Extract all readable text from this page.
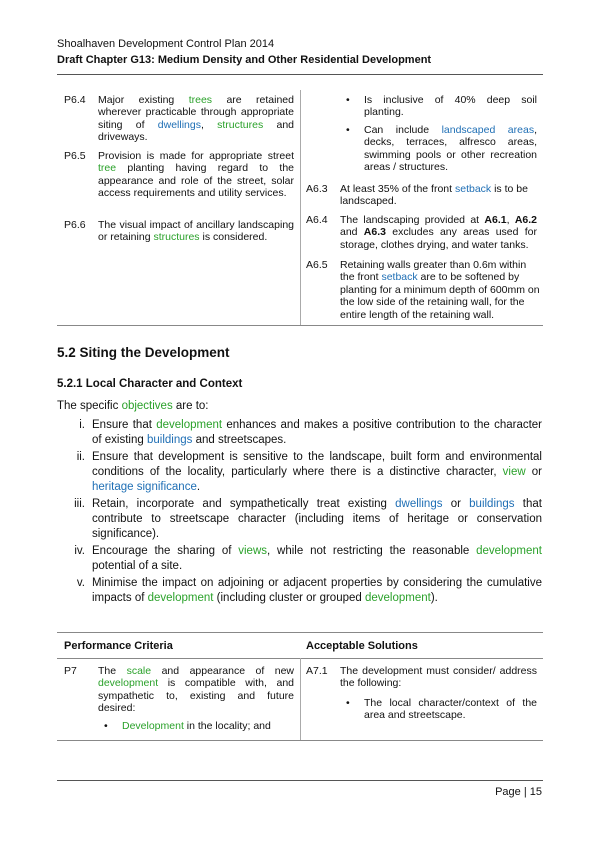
Shoalhaven Development Control Plan 2014
Draft Chapter G13: Medium Density and Other Residential Development
P6.4 Major existing trees are retained wherever practicable through appropriate siting of dwellings, structures and driveways.
P6.5 Provision is made for appropriate street tree planting having regard to the appearance and role of the street, solar access requirements and utility services.
P6.6 The visual impact of ancillary landscaping or retaining structures is considered.
• Is inclusive of 40% deep soil planting.
• Can include landscaped areas, decks, terraces, alfresco areas, swimming pools or other recreation areas / structures.
A6.3 At least 35% of the front setback is to be landscaped.
A6.4 The landscaping provided at A6.1, A6.2 and A6.3 excludes any areas used for storage, clothes drying, and water tanks.
A6.5 Retaining walls greater than 0.6m within the front setback are to be softened by planting for a minimum depth of 600mm on the low side of the retaining wall, for the entire length of the retaining wall.
5.2 Siting the Development
5.2.1 Local Character and Context
The specific objectives are to:
i. Ensure that development enhances and makes a positive contribution to the character of existing buildings and streetscapes.
ii. Ensure that development is sensitive to the landscape, built form and environmental conditions of the locality, particularly where there is a distinctive character, view or heritage significance.
iii. Retain, incorporate and sympathetically treat existing dwellings or buildings that contribute to streetscape character (including items of heritage or conservation significance).
iv. Encourage the sharing of views, while not restricting the reasonable development potential of a site.
v. Minimise the impact on adjoining or adjacent properties by considering the cumulative impacts of development (including cluster or grouped development).
Performance Criteria	Acceptable Solutions
P7 The scale and appearance of new development is compatible with, and sympathetic to, existing and future desired:
• Development in the locality; and
A7.1 The development must consider/ address the following:
• The local character/context of the area and streetscape.
Page | 15
